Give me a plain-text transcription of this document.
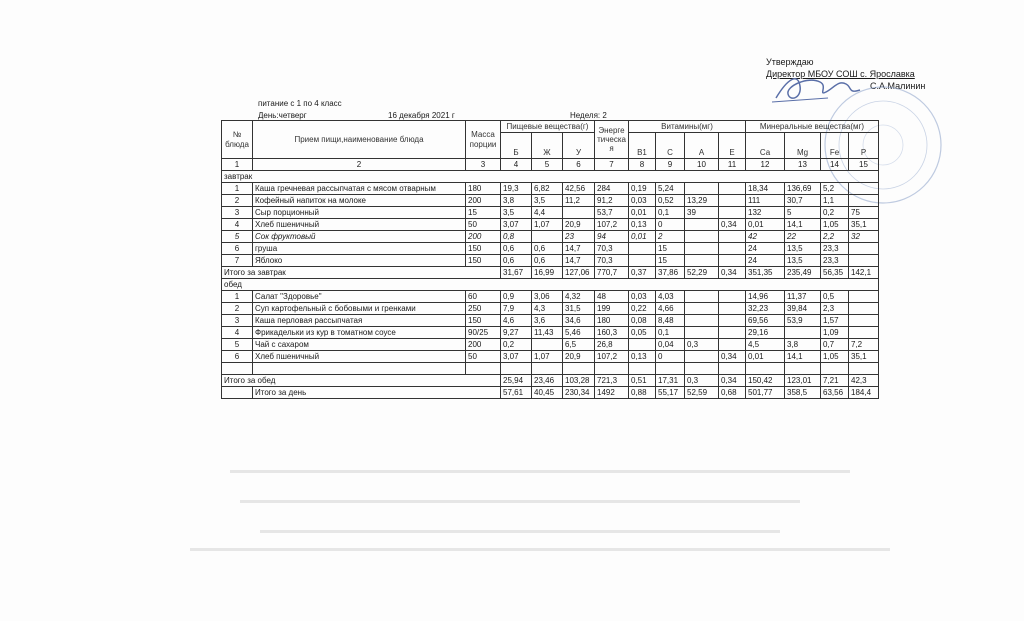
Утверждаю
Директор МБОУ СОШ с. Ярославка
С.А.Малинин
питание с 1 по 4 класс
День:четверг	16 декабря 2021 г	Неделя: 2
№ блюда	Прием пищи,наименование блюда	Масса порции	Пищевые вещества(г)			Энергетическая	Витамины(мг)				Минеральные вещества(мг)			
			Б	Ж	У		В1	С	А	Е	Са	Mg	Fe	Р
1	2	3	4	5	6	7	8	9	10	11	12	13	14	15
завтрак														
1	Каша гречневая рассыпчатая с мясом отварным	180	19,3	6,82	42,56	284	0,19	5,24			18,34	136,69	5,2	
2	Кофейный напиток на молоке	200	3,8	3,5	11,2	91,2	0,03	0,52	13,29		111	30,7	1,1	
3	Сыр порционный	15	3,5	4,4		53,7	0,01	0,1	39		132	5	0,2	75
4	Хлеб пшеничный	50	3,07	1,07	20,9	107,2	0,13	0		0,34	0,01	14,1	1,05	35,1
5	Сок фруктовый	200	0,8		23	94	0,01	2			42	22	2,2	32
6	груша	150	0,6	0,6	14,7	70,3		15			24	13,5	23,3	
7	Яблоко	150	0,6	0,6	14,7	70,3		15			24	13,5	23,3	
Итого за завтрак			31,67	16,99	127,06	770,7	0,37	37,86	52,29	0,34	351,35	235,49	56,35	142,1
обед														
1	Салат "Здоровье"	60	0,9	3,06	4,32	48	0,03	4,03			14,96	11,37	0,5	
2	Суп картофельный с бобовыми и гренками	250	7,9	4,3	31,5	199	0,22	4,66			32,23	39,84	2,3	
3	Каша перловая рассыпчатая	150	4,6	3,6	34,6	180	0,08	8,48			69,56	53,9	1,57	
4	Фрикадельки из кур в томатном соусе	90/25	9,27	11,43	5,46	160,3	0,05	0,1			29,16		1,09	
5	Чай с сахаром	200	0,2		6,5	26,8		0,04	0,3		4,5	3,8	0,7	7,2
6	Хлеб пшеничный	50	3,07	1,07	20,9	107,2	0,13	0		0,34	0,01	14,1	1,05	35,1

Итого за обед			25,94	23,46	103,28	721,3	0,51	17,31	0,3	0,34	150,42	123,01	7,21	42,3
	Итого за день		57,61	40,45	230,34	1492	0,88	55,17	52,59	0,68	501,77	358,5	63,56	184,4
